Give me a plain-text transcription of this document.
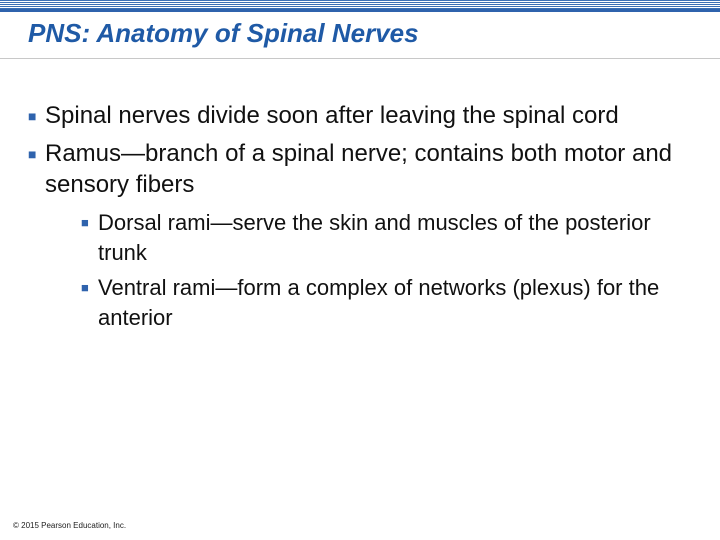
PNS: Anatomy of Spinal Nerves
■ Spinal nerves divide soon after leaving the spinal cord
■ Ramus—branch of a spinal nerve; contains both motor and sensory fibers
■ Dorsal rami—serve the skin and muscles of the posterior trunk
■ Ventral rami—form a complex of networks (plexus) for the anterior
© 2015 Pearson Education, Inc.
